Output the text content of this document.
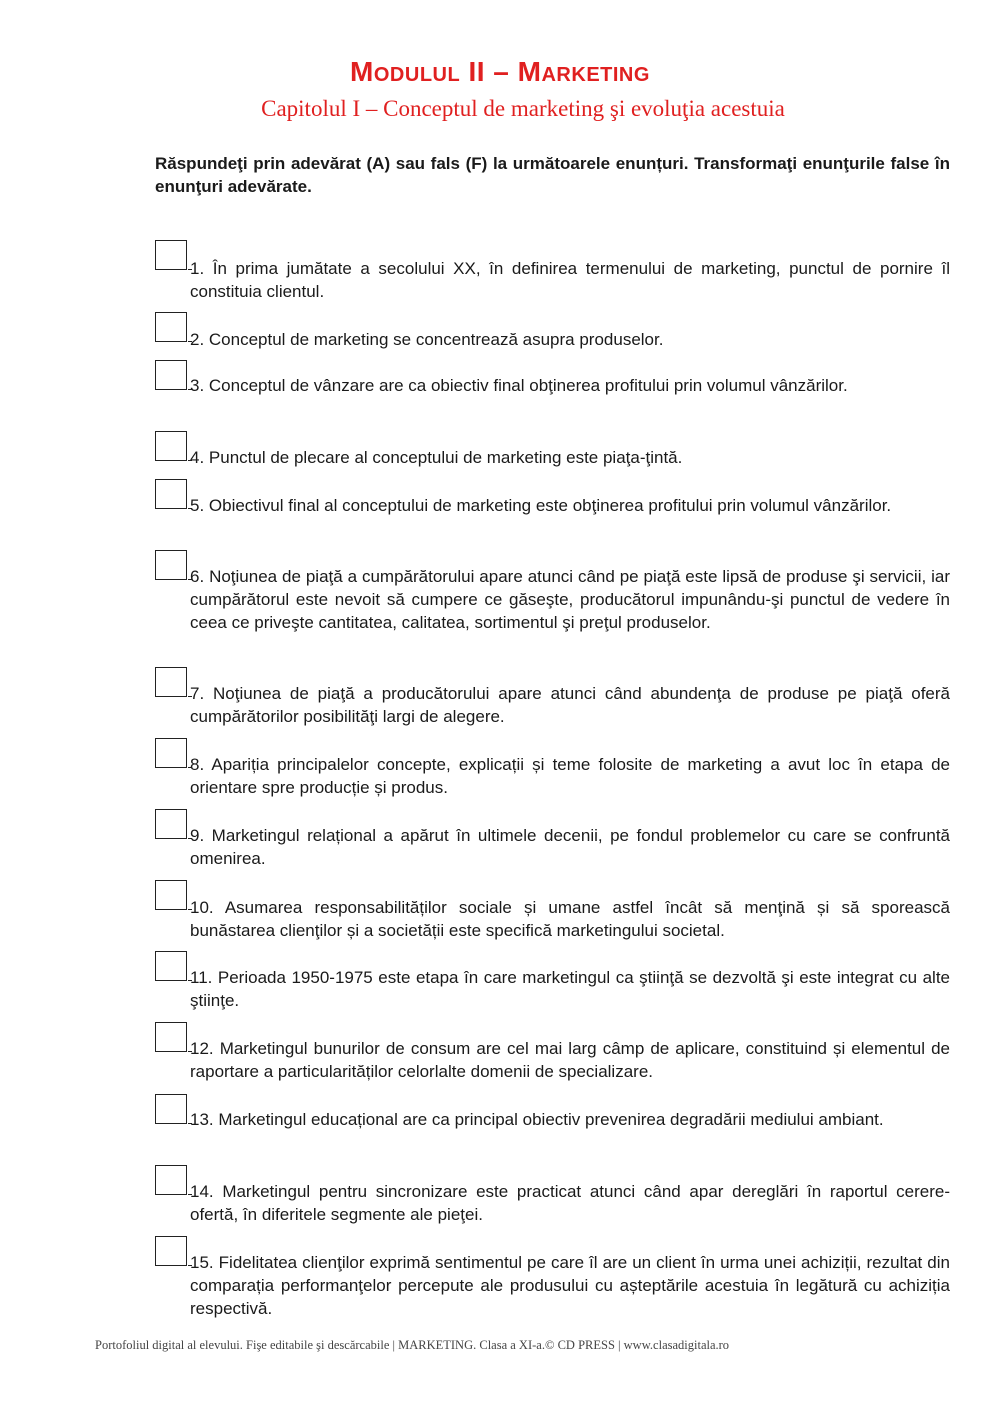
Modulul II – Marketing
Capitolul I – Conceptul de marketing şi evoluţia acestuia
Răspundeţi prin adevărat (A) sau fals (F) la următoarele enunțuri. Transformaţi enunţurile false în enunţuri adevărate.
1. În prima jumătate a secolului XX, în definirea termenului de marketing, punctul de pornire îl constituia clientul.
2. Conceptul de marketing se concentrează asupra produselor.
3. Conceptul de vânzare are ca obiectiv final obţinerea profitului prin volumul vânzărilor.
4. Punctul de plecare al conceptului de marketing este piaţa-ţintă.
5. Obiectivul final al conceptului de marketing este obţinerea profitului prin volumul vânzărilor.
6. Noţiunea de piaţă a cumpărătorului apare atunci când pe piaţă este lipsă de produse şi servicii, iar cumpărătorul este nevoit să cumpere ce găseşte, producătorul impunându-şi punctul de vedere în ceea ce priveşte cantitatea, calitatea, sortimentul şi preţul produselor.
7. Noţiunea de piaţă a producătorului apare atunci când abundenţa de produse pe piaţă oferă cumpărătorilor posibilităţi largi de alegere.
8. Apariția principalelor concepte, explicații și teme folosite de marketing a avut loc în etapa de orientare spre producție și produs.
9. Marketingul relațional a apărut în ultimele decenii, pe fondul problemelor cu care se confruntă omenirea.
10. Asumarea responsabilităților sociale și umane astfel încât să menţină și să sporească bunăstarea clienţilor și a societății este specifică marketingului societal.
11. Perioada 1950-1975 este etapa în care marketingul ca ştiinţă se dezvoltă şi este integrat cu alte ştiinţe.
12. Marketingul bunurilor de consum are cel mai larg câmp de aplicare, constituind și elementul de raportare a particularităților celorlalte domenii de specializare.
13. Marketingul educațional are ca principal obiectiv prevenirea degradării mediului ambiant.
14. Marketingul pentru sincronizare este practicat atunci când apar dereglări în raportul cerere-ofertă, în diferitele segmente ale pieţei.
15. Fidelitatea clienţilor exprimă sentimentul pe care îl are un client în urma unei achiziții, rezultat din comparația performanţelor percepute ale produsului cu așteptările acestuia în legătură cu achiziția respectivă.
Portofoliul digital al elevului. Fişe editabile şi descărcabile | MARKETING. Clasa a XI-a.© CD PRESS | www.clasadigitala.ro
